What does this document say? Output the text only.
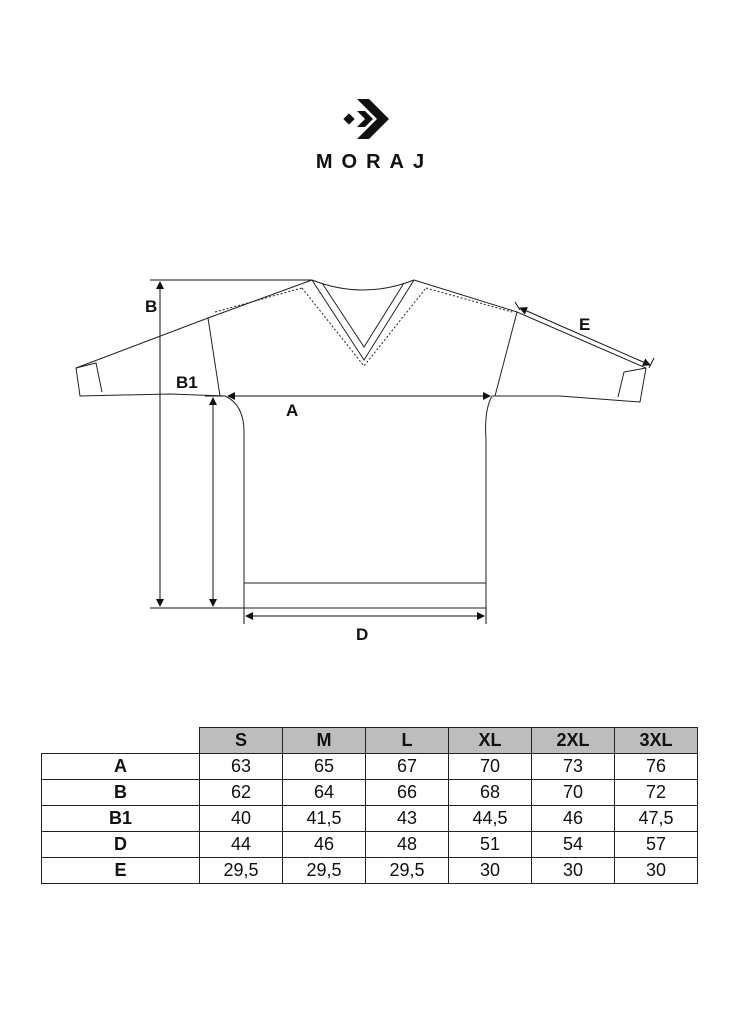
MORAJ
B
B1
A
D
E
	S	M	L	XL	2XL	3XL
A	63	65	67	70	73	76
B	62	64	66	68	70	72
B1	40	41,5	43	44,5	46	47,5
D	44	46	48	51	54	57
E	29,5	29,5	29,5	30	30	30
